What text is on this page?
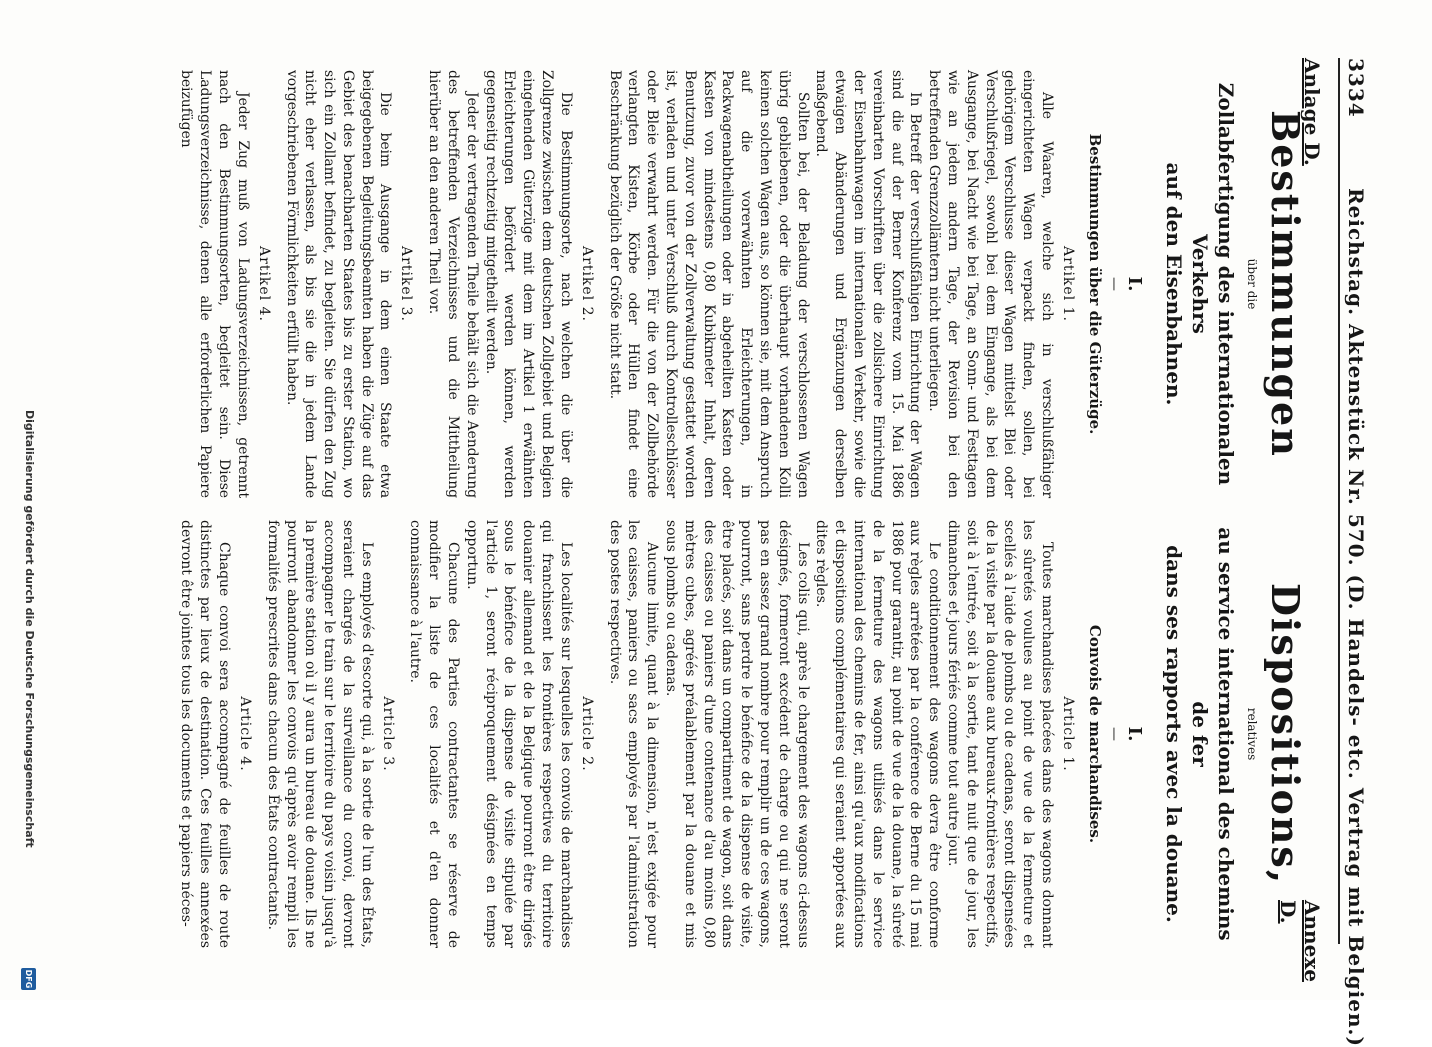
3334
Reichstag. Aktenstück Nr. 570. (D. Handels- etc. Vertrag mit Belgien.)
Anlage D.
Annexe D.
Bestimmungen
über die
Zollabfertigung des internationalen Verkehrs
auf den Eisenbahnen.
I.
—
Bestimmungen über die Güterzüge.
Artikel 1.

Alle Waaren, welche sich in verschlußfähiger eingerichteten Wagen verpackt finden, sollen, bei gehörigem Verschlusse dieser Wagen mittelst Blei oder Verschlußriegel, sowohl bei dem Eingange, als bei dem Ausgange, bei Nacht wie bei Tage, an Sonn- und Festtagen wie an jedem andern Tage, der Revision bei den betreffenden Grenzzollämtern nicht unterliegen.

In Betreff der verschlußfähigen Einrichtung der Wagen sind die auf der Berner Konferenz vom 15. Mai 1886 vereinbarten Vorschriften über die zollsichere Einrichtung der Eisenbahnwagen im internationalen Verkehr, sowie die etwaigen Abänderungen und Ergänzungen derselben maßgebend.

Sollten bei, der Beladung der verschlossenen Wagen übrig gebliebenen, oder die überhaupt vorhandenen Kolli keinen solchen Wagen aus, so können sie, mit dem Anspruch auf die vorerwähnten Erleichterungen, in Packwagenabtheilungen oder in abgeheilten Kasten oder Kasten von mindestens 0,80 Kubikmeter Inhalt, deren Benutzung, zuvor von der Zollverwaltung gestattet worden ist, verladen und unter Verschluß durch Kontrolleschlösser oder Bleie verwahrt werden. Für die von der Zollbehörde verlangten Kisten, Körbe oder Hüllen findet eine Beschränkung bezüglich der Größe nicht statt.

Artikel 2.

Die Bestimmungsorte, nach welchen die über die Zollgrenze zwischen dem deutschen Zollgebiet und Belgien eingehenden Güterzüge mit dem im Artikel 1 erwähnten Erleichterungen befördert werden können, werden gegenseitig rechtzeitig mitgetheilt werden.

Jeder der vertragenden Theile behält sich die Aenderung des betreffenden Verzeichnisses und die Mittheilung hierüber an den anderen Theil vor.

Artikel 3.

Die beim Ausgange in dem einen Staate etwa beigegebenen Begleitungsbeamten haben die Züge auf das Gebiet des benachbarten Staates bis zu erster Station, wo sich ein Zollamt befindet, zu begleiten. Sie dürfen den Zug nicht eher verlassen, als bis sie die in jedem Lande vorgeschriebenen Förmlichkeiten erfüllt haben.

Artikel 4.

Jeder Zug muß von Ladungsverzeichnissen, getrennt nach den Bestimmungsorten, begleitet sein. Diese Ladungsverzeichnisse, denen alle erforderlichen Papiere beizufügen

Dispositions,
relatives
au service international des chemins de fer
dans ses rapports avec la douane.
I.
—
Convois de marchandises.
Article 1.

Toutes marchandises placées dans des wagons donnant les sûretés voulues au point de vue de la fermeture et scellés à l'aide de plombs ou de cadenas, seront dispensées de la visite par la douane aux bureaux-frontières respectifs, soit à l'entrée, soit à la sortie, tant de nuit que de jour, les dimanches et jours fériés comme tout autre jour.

Le conditionnement des wagons devra être conforme aux règles arrêtées par la conférence de Berne du 15 mai 1886 pour garantir, au point de vue de la douane, la sûreté de la fermeture des wagons utilisés dans le service international des chemins de fer, ainsi qu'aux modifications et dispositions complémentaires qui seraient apportées aux dites règles.

Les colis qui, après le chargement des wagons ci-dessus désignés, formeront excédent de charge ou qui ne seront pas en assez grand nombre pour remplir un de ces wagons, pourront, sans perdre le bénéfice de la dispense de visite, être placés, soit dans un compartiment de wagon, soit dans des caisses ou paniers d'une contenance d'au moins 0,80 mètres cubes, agréés préalablement par la douane et mis sous plombs ou cadenas.

Aucune limite, quant à la dimension, n'est exigée pour les caisses, paniers ou sacs employés par l'administration des postes respectives.

Article 2.

Les localités sur lesquelles les convois de marchandises qui franchissent les frontières respectives du territoire douanier allemand et de la Belgique pourront être dirigés sous le bénéfice de la dispense de visite stipulée par l'article 1, seront réciproquement désignées en temps opportun.

Chacune des Parties contractantes se réserve de modifier la liste de ces localités et d'en donner connaissance à l'autre.

Article 3.

Les employés d'escorte qui, à la sortie de l'un des États, seraient chargés de la surveillance du convoi, devront accompagner le train sur le territoire du pays voisin jusqu'à la première station où il y aura un bureau de douane. Ils ne pourront abandonner les convois qu'après avoir rempli les formalités prescrites dans chacun des États contractants.

Article 4.

Chaque convoi sera accompagné de feuilles de route distinctes par lieux de destination. Ces feuilles annexées devront être jointes tous les documents et papiers néces-

Digitalisierung gefördert durch die Deutsche Forschungsgemeinschaft
DFG
